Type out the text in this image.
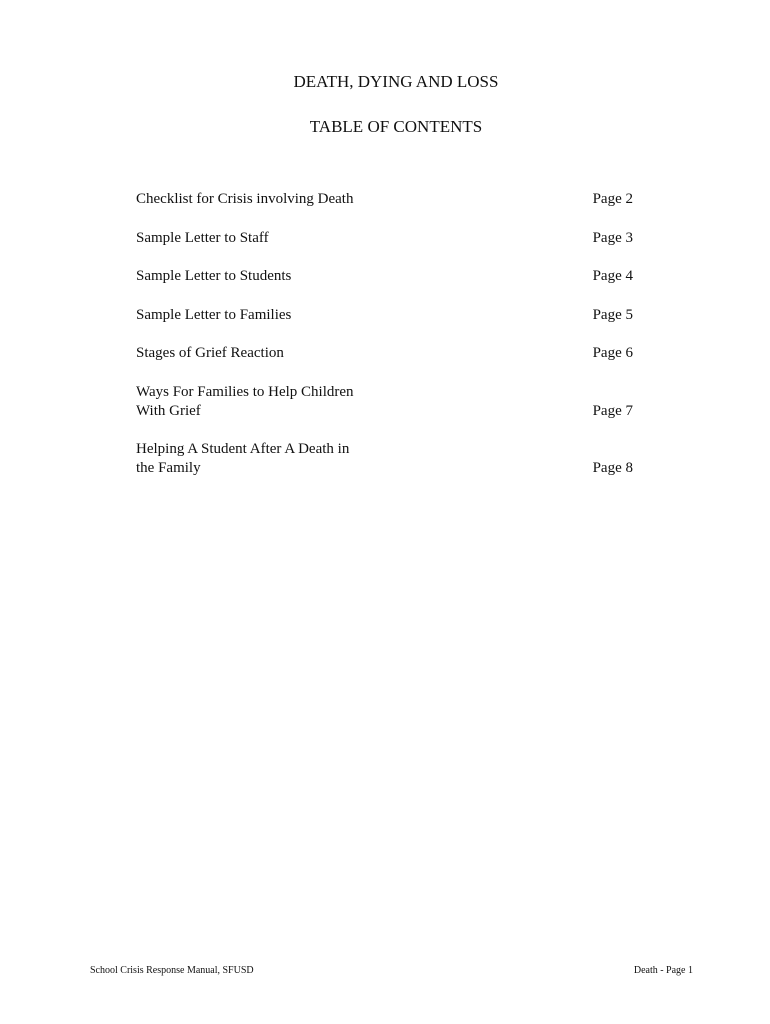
DEATH, DYING AND LOSS
TABLE OF CONTENTS
Checklist for Crisis involving Death	Page 2
Sample Letter to Staff	Page 3
Sample Letter to Students	Page 4
Sample Letter to Families	Page 5
Stages of Grief Reaction	Page 6
Ways For Families to Help Children
With Grief	Page 7
Helping A Student After A Death in
the Family	Page 8
School Crisis Response Manual, SFUSD	Death - Page 1
